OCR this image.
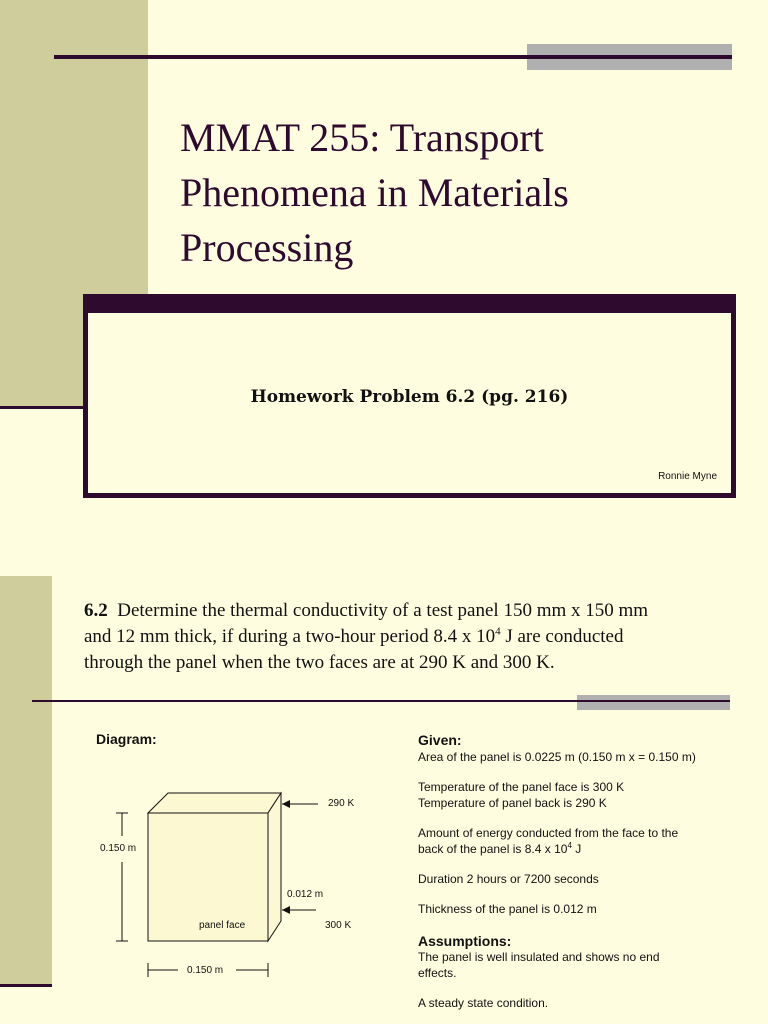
MMAT 255: Transport
Phenomena in Materials
Processing
Homework Problem 6.2 (pg. 216)
Ronnie Myne
6.2 Determine the thermal conductivity of a test panel 150 mm x 150 mm
and 12 mm thick, if during a two-hour period 8.4 x $10^4$ J are conducted
through the panel when the two faces are at 290 K and 300 K.
Diagram:
0.150 m
290 K
0.012 m
panel face	300 K
0.150 m
Given:

Area of the panel is 0.0225 m (0.150 m x = 0.150 m)

Temperature of the panel face is 300 K

Temperature of panel back is 290 K

Amount of energy conducted from the face to the

back of the panel is 8.4 x $10^4$ J

Duration 2 hours or 7200 seconds

Thickness of the panel is 0.012 m

Assumptions:

The panel is well insulated and shows no end

effects.

A steady state condition.
